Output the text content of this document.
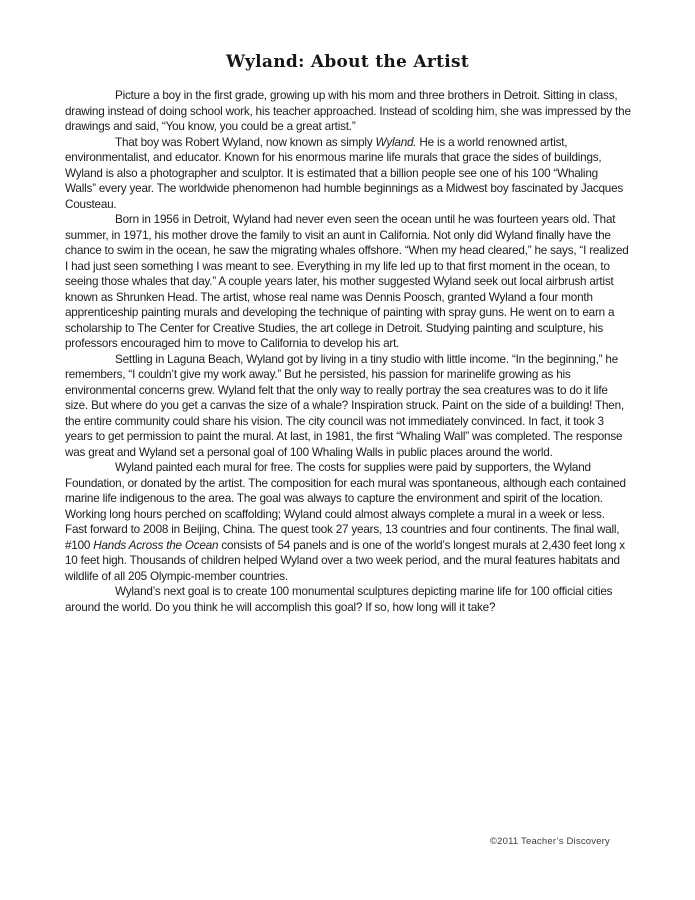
Wyland: About the Artist

Picture a boy in the first grade, growing up with his mom and three brothers in Detroit. Sitting in class, drawing instead of doing school work, his teacher approached. Instead of scolding him, she was impressed by the drawings and said, “You know, you could be a great artist.”

That boy was Robert Wyland, now known as simply Wyland. He is a world renowned artist, environmentalist, and educator. Known for his enormous marine life murals that grace the sides of buildings, Wyland is also a photographer and sculptor. It is estimated that a billion people see one of his 100 “Whaling Walls” every year. The worldwide phenomenon had humble beginnings as a Midwest boy fascinated by Jacques Cousteau.

Born in 1956 in Detroit, Wyland had never even seen the ocean until he was fourteen years old. That summer, in 1971, his mother drove the family to visit an aunt in California. Not only did Wyland finally have the chance to swim in the ocean, he saw the migrating whales offshore. “When my head cleared,” he says, “I realized I had just seen something I was meant to see. Everything in my life led up to that first moment in the ocean, to seeing those whales that day.” A couple years later, his mother suggested Wyland seek out local airbrush artist known as Shrunken Head. The artist, whose real name was Dennis Poosch, granted Wyland a four month apprenticeship painting murals and developing the technique of painting with spray guns. He went on to earn a scholarship to The Center for Creative Studies, the art college in Detroit. Studying painting and sculpture, his professors encouraged him to move to California to develop his art.

Settling in Laguna Beach, Wyland got by living in a tiny studio with little income. “In the beginning,” he remembers, “I couldn’t give my work away.” But he persisted, his passion for marinelife growing as his environmental concerns grew. Wyland felt that the only way to really portray the sea creatures was to do it life size. But where do you get a canvas the size of a whale? Inspiration struck. Paint on the side of a building! Then, the entire community could share his vision. The city council was not immediately convinced. In fact, it took 3 years to get permission to paint the mural. At last, in 1981, the first “Whaling Wall” was completed. The response was great and Wyland set a personal goal of 100 Whaling Walls in public places around the world.

Wyland painted each mural for free. The costs for supplies were paid by supporters, the Wyland Foundation, or donated by the artist. The composition for each mural was spontaneous, although each contained marine life indigenous to the area. The goal was always to capture the environment and spirit of the location. Working long hours perched on scaffolding; Wyland could almost always complete a mural in a week or less.

Fast forward to 2008 in Beijing, China. The quest took 27 years, 13 countries and four continents. The final wall, #100 Hands Across the Ocean consists of 54 panels and is one of the world’s longest murals at 2,430 feet long x 10 feet high. Thousands of children helped Wyland over a two week period, and the mural features habitats and wildlife of all 205 Olympic-member countries.

Wyland’s next goal is to create 100 monumental sculptures depicting marine life for 100 official cities around the world. Do you think he will accomplish this goal? If so, how long will it take?

©2011 Teacher’s Discovery
